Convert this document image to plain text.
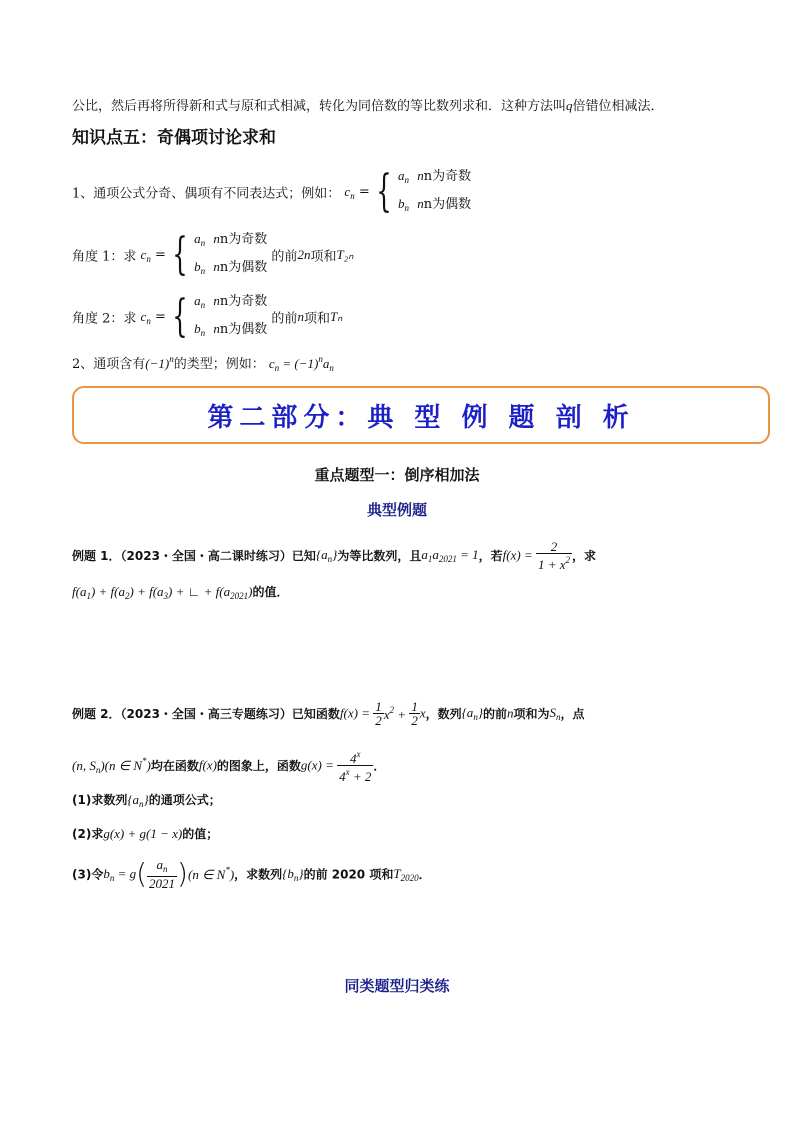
公比，然后再将所得新和式与原和式相减，转化为同倍数的等比数列求和．这种方法叫q倍错位相减法．
知识点五：奇偶项讨论求和
1、通项公式分奇、偶项有不同表达式；例如： $c_n$ = { $a_n$ nn为奇数
$b_n$ nn为偶数
角度 1：求 $c_n$ = { $a_n$ nn为奇数
$b_n$ nn为偶数 的前2n项和T₂ₙ
角度 2：求 $c_n$ = { $a_n$ nn为奇数
$b_n$ nn为偶数 的前n项和Tₙ
2、通项含有$(-1)^n$的类型；例如： $c_n = (-1)^na_n$
第二部分：典 型 例 题 剖 析
重点题型一：倒序相加法
典型例题
例题 1．（2023・全国・高二课时练习）已知$\{a_n\}$为等比数列，且$a_1a_{2021} = 1$，若$f(x) = \frac{2}{1 + x^2}$ ，求
$f(a_1) + f(a_2) + f(a_3)$ + ∟ + $f(a_{2021})$的值．
例题 2．（2023・全国・高三专题练习）已知函数$f(x) = \frac{1}{2} x^2 + \frac{1}{2}$ x，数列$\{a_n\}$的前n项和为$S_n$，点
(n, $S_n)(n$ ∈ N*)均在函数f(x)的图象上，函数$g(x) = \frac{4^x}{4^x + 2}$ ．
(1)求数列$\{a_n\}$的通项公式；
(2)求g(x) + g(1 − x)的值；
(3)令$b_n = g( \frac{a_n}{2021} )(n$ ∈ N*)，求数列$\{b_n\}$的前 2020 项和$T_{2020}$．
同类题型归类练
